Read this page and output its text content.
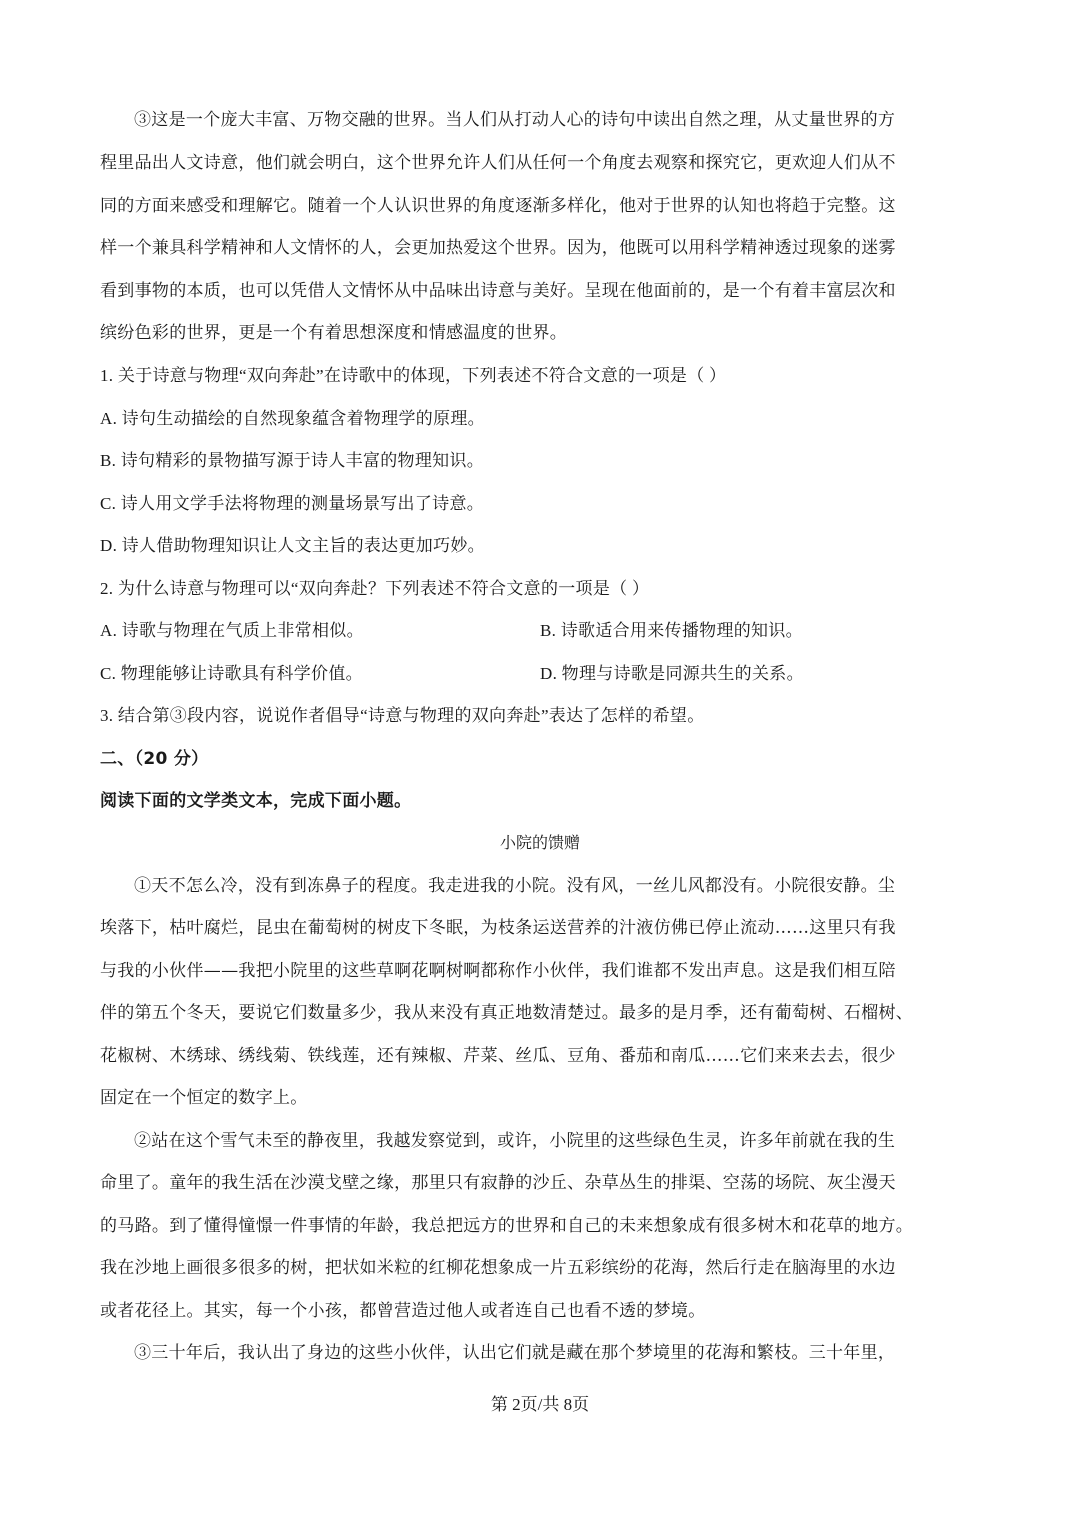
③这是一个庞大丰富、万物交融的世界。当人们从打动人心的诗句中读出自然之理，从丈量世界的方
程里品出人文诗意，他们就会明白，这个世界允许人们从任何一个角度去观察和探究它，更欢迎人们从不
同的方面来感受和理解它。随着一个人认识世界的角度逐渐多样化，他对于世界的认知也将趋于完整。这
样一个兼具科学精神和人文情怀的人，会更加热爱这个世界。因为，他既可以用科学精神透过现象的迷雾
看到事物的本质，也可以凭借人文情怀从中品味出诗意与美好。呈现在他面前的，是一个有着丰富层次和
缤纷色彩的世界，更是一个有着思想深度和情感温度的世界。
1. 关于诗意与物理“双向奔赴”在诗歌中的体现，下列表述不符合文意的一项是（ ）
A. 诗句生动描绘的自然现象蕴含着物理学的原理。
B. 诗句精彩的景物描写源于诗人丰富的物理知识。
C. 诗人用文学手法将物理的测量场景写出了诗意。
D. 诗人借助物理知识让人文主旨的表达更加巧妙。
2. 为什么诗意与物理可以“双向奔赴？下列表述不符合文意的一项是（ ）
A. 诗歌与物理在气质上非常相似。	B. 诗歌适合用来传播物理的知识。
C. 物理能够让诗歌具有科学价值。	D. 物理与诗歌是同源共生的关系。
3. 结合第③段内容，说说作者倡导“诗意与物理的双向奔赴”表达了怎样的希望。
二、（20 分）
阅读下面的文学类文本，完成下面小题。
小院的馈赠
①天不怎么冷，没有到冻鼻子的程度。我走进我的小院。没有风，一丝儿风都没有。小院很安静。尘
埃落下，枯叶腐烂，昆虫在葡萄树的树皮下冬眠，为枝条运送营养的汁液仿佛已停止流动……这里只有我
与我的小伙伴——我把小院里的这些草啊花啊树啊都称作小伙伴，我们谁都不发出声息。这是我们相互陪
伴的第五个冬天，要说它们数量多少，我从来没有真正地数清楚过。最多的是月季，还有葡萄树、石榴树、
花椒树、木绣球、绣线菊、铁线莲，还有辣椒、芹菜、丝瓜、豆角、番茄和南瓜……它们来来去去，很少
固定在一个恒定的数字上。
②站在这个雪气未至的静夜里，我越发察觉到，或许，小院里的这些绿色生灵，许多年前就在我的生
命里了。童年的我生活在沙漠戈壁之缘，那里只有寂静的沙丘、杂草丛生的排渠、空荡的场院、灰尘漫天
的马路。到了懂得憧憬一件事情的年龄，我总把远方的世界和自己的未来想象成有很多树木和花草的地方。
我在沙地上画很多很多的树，把状如米粒的红柳花想象成一片五彩缤纷的花海，然后行走在脑海里的水边
或者花径上。其实，每一个小孩，都曾营造过他人或者连自己也看不透的梦境。
③三十年后，我认出了身边的这些小伙伴，认出它们就是藏在那个梦境里的花海和繁枝。三十年里，
第 2页/共 8页
